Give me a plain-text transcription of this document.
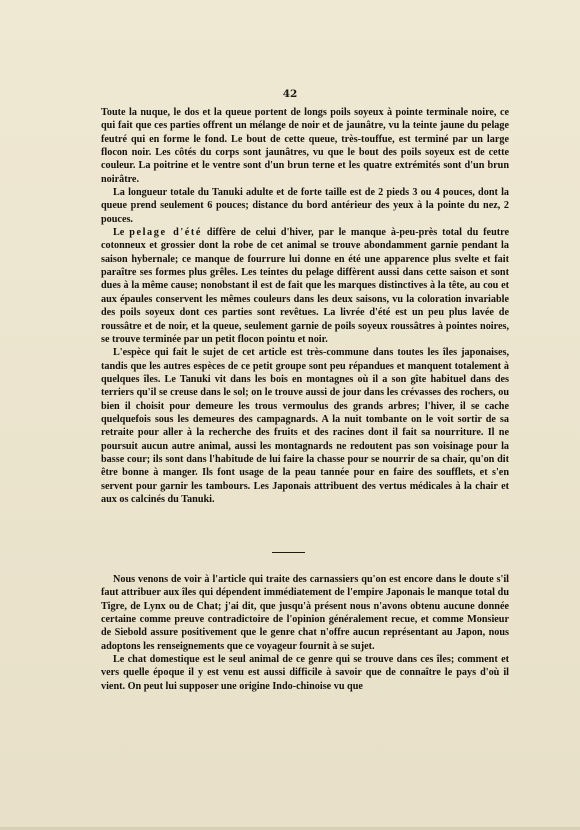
42

Toute la nuque, le dos et la queue portent de longs poils soyeux à pointe terminale noire, ce qui fait que ces parties offrent un mélange de noir et de jaunâtre, vu la teinte jaune du pelage feutré qui en forme le fond. Le bout de cette queue, très-touffue, est terminé par un large flocon noir. Les côtés du corps sont jaunâtres, vu que le bout des poils soyeux est de cette couleur. La poitrine et le ventre sont d'un brun terne et les quatre extrémités sont d'un brun noirâtre.

La longueur totale du Tanuki adulte et de forte taille est de 2 pieds 3 ou 4 pouces, dont la queue prend seulement 6 pouces; distance du bord antérieur des yeux à la pointe du nez, 2 pouces.

Le pelage d'été diffère de celui d'hiver, par le manque à-peu-près total du feutre cotonneux et grossier dont la robe de cet animal se trouve abondamment garnie pendant la saison hybernale; ce manque de fourrure lui donne en été une apparence plus svelte et fait paraître ses formes plus grêles. Les teintes du pelage diffèrent aussi dans cette saison et sont dues à la même cause; nonobstant il est de fait que les marques distinctives à la tête, au cou et aux épaules conservent les mêmes couleurs dans les deux saisons, vu la coloration invariable des poils soyeux dont ces parties sont revêtues. La livrée d'été est un peu plus lavée de roussâtre et de noir, et la queue, seulement garnie de poils soyeux roussâtres à pointes noires, se trouve terminée par un petit flocon pointu et noir.

L'espèce qui fait le sujet de cet article est très-commune dans toutes les îles japonaises, tandis que les autres espèces de ce petit groupe sont peu répandues et manquent totalement à quelques îles. Le Tanuki vit dans les bois en montagnes où il a son gîte habituel dans des terriers qu'il se creuse dans le sol; on le trouve aussi de jour dans les crévasses des rochers, ou bien il choisit pour demeure les trous vermoulus des grands arbres; l'hiver, il se cache quelquefois sous les demeures des campagnards. A la nuit tombante on le voit sortir de sa retraite pour aller à la recherche des fruits et des racines dont il fait sa nourriture. Il ne poursuit aucun autre animal, aussi les montagnards ne redoutent pas son voisinage pour la basse cour; ils sont dans l'habitude de lui faire la chasse pour se nourrir de sa chair, qu'on dit être bonne à manger. Ils font usage de la peau tannée pour en faire des soufflets, et s'en servent pour garnir les tambours. Les Japonais attribuent des vertus médicales à la chair et aux os calcinés du Tanuki.

Nous venons de voir à l'article qui traite des carnassiers qu'on est encore dans le doute s'il faut attribuer aux îles qui dépendent immédiatement de l'empire Japonais le manque total du Tigre, de Lynx ou de Chat; j'ai dit, que jusqu'à présent nous n'avons obtenu aucune donnée certaine comme preuve contradictoire de l'opinion généralement recue, et comme Monsieur de Siebold assure positivement que le genre chat n'offre aucun représentant au Japon, nous adoptons les renseignements que ce voyageur fournit à se sujet.

Le chat domestique est le seul animal de ce genre qui se trouve dans ces îles; comment et vers quelle époque il y est venu est aussi difficile à savoir que de connaître le pays d'où il vient. On peut lui supposer une origine Indo-chinoise vu que
